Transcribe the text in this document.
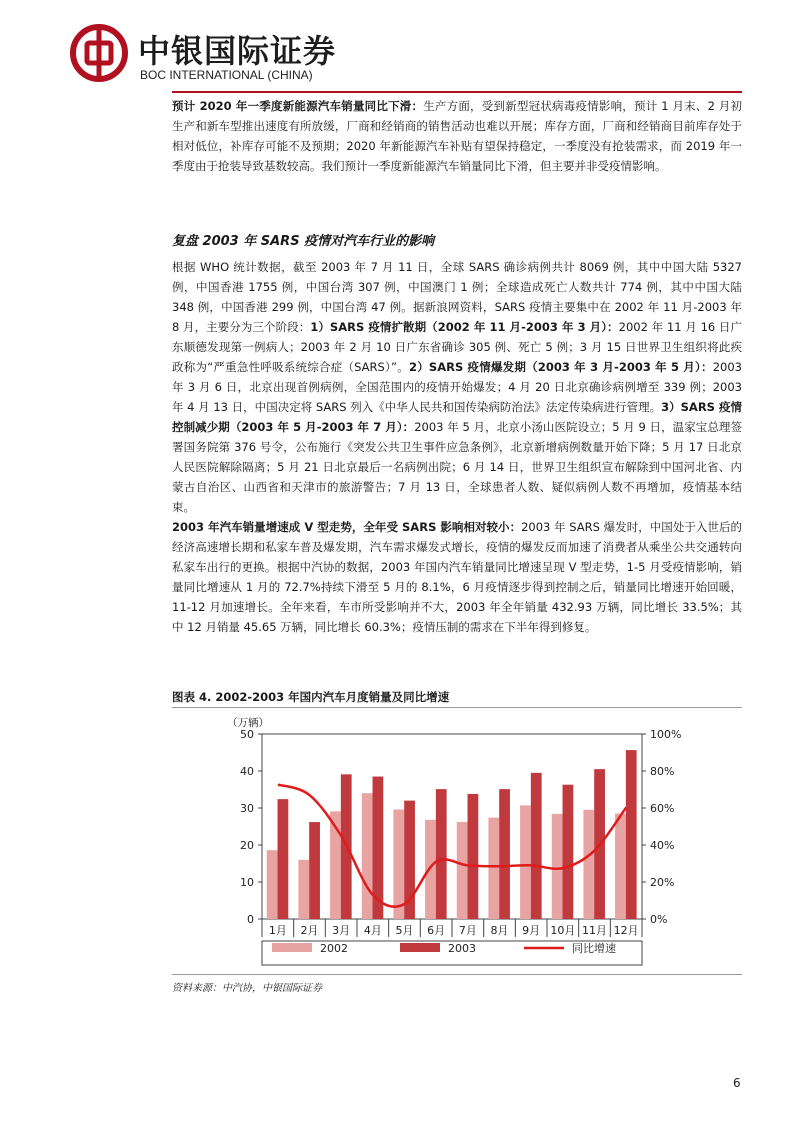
中银国际证券
BOC INTERNATIONAL (CHINA)
预计 2020 年一季度新能源汽车销量同比下滑：生产方面，受到新型冠状病毒疫情影响，预计 1 月末、2 月初生产和新车型推出速度有所放缓，厂商和经销商的销售活动也难以开展；库存方面，厂商和经销商目前库存处于相对低位，补库存可能不及预期；2020 年新能源汽车补贴有望保持稳定，一季度没有抢装需求，而 2019 年一季度由于抢装导致基数较高。我们预计一季度新能源汽车销量同比下滑，但主要并非受疫情影响。
复盘 2003 年 SARS 疫情对汽车行业的影响
根据 WHO 统计数据，截至 2003 年 7 月 11 日，全球 SARS 确诊病例共计 8069 例，其中中国大陆 5327 例，中国香港 1755 例，中国台湾 307 例，中国澳门 1 例；全球造成死亡人数共计 774 例，其中中国大陆 348 例，中国香港 299 例，中国台湾 47 例。据新浪网资料，SARS 疫情主要集中在 2002 年 11 月-2003 年 8 月，主要分为三个阶段：1）SARS 疫情扩散期（2002 年 11 月-2003 年 3 月）：2002 年 11 月 16 日广东顺德发现第一例病人；2003 年 2 月 10 日广东省确诊 305 例、死亡 5 例；3 月 15 日世界卫生组织将此疾政称为“严重急性呼吸系统综合症（SARS）”。2）SARS 疫情爆发期（2003 年 3 月-2003 年 5 月）：2003 年 3 月 6 日，北京出现首例病例，全国范围内的疫情开始爆发；4 月 20 日北京确诊病例增至 339 例；2003 年 4 月 13 日，中国决定将 SARS 列入《中华人民共和国传染病防治法》法定传染病进行管理。3）SARS 疫情控制减少期（2003 年 5 月-2003 年 7 月）：2003 年 5 月，北京小汤山医院设立；5 月 9 日，温家宝总理签署国务院第 376 号令，公布施行《突发公共卫生事件应急条例》，北京新增病例数量开始下降；5 月 17 日北京人民医院解除隔离；5 月 21 日北京最后一名病例出院；6 月 14 日，世界卫生组织宣布解除到中国河北省、内蒙古自治区、山西省和天津市的旅游警告；7 月 13 日，全球患者人数、疑似病例人数不再增加，疫情基本结束。
2003 年汽车销量增速成 V 型走势，全年受 SARS 影响相对较小：2003 年 SARS 爆发时，中国处于入世后的经济高速增长期和私家车普及爆发期，汽车需求爆发式增长，疫情的爆发反而加速了消费者从乘坐公共交通转向私家车出行的更换。根据中汽协的数据，2003 年国内汽车销量同比增速呈现 V 型走势，1-5 月受疫情影响，销量同比增速从 1 月的 72.7%持续下滑至 5 月的 8.1%，6 月疫情逐步得到控制之后，销量同比增速开始回暖，11-12 月加速增长。全年来看，车市所受影响并不大，2003 年全年销量 432.93 万辆，同比增长 33.5%；其中 12 月销量 45.65 万辆，同比增长 60.3%；疫情压制的需求在下半年得到修复。
图表 4. 2002-2003 年国内汽车月度销量及同比增速
0
10
20
30
40
50
0%
20%
40%
60%
80%
100%
（万辆）
1月 2月 3月 4月 5月 6月 7月 8月 9月 10月 11月 12月
2002	2003	同比增速
资料来源：中汽协，中银国际证券
6
